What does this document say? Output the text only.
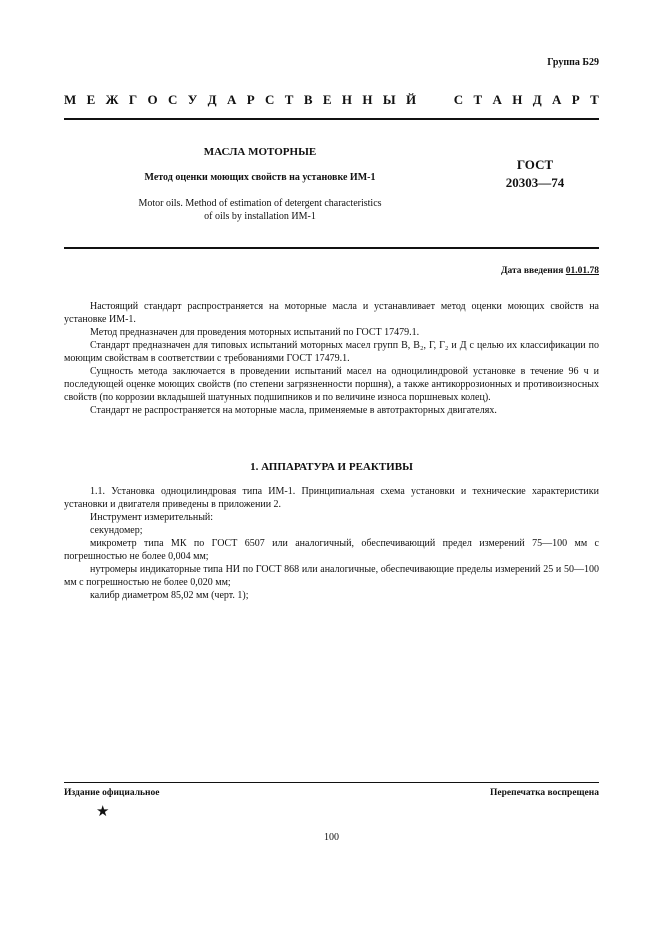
Группа Б29
М Е Ж Г О С У Д А Р С Т В Е Н Н Ы Й

	С Т А Н Д А Р Т
МАСЛА МОТОРНЫЕ
Метод оценки моющих свойств на установке ИМ-1
Motor oils. Method of estimation of detergent characteristics
of oils by installation ИМ-1
ГОСТ
20303—74
Дата введения 01.01.78

Настоящий стандарт распространяется на моторные масла и устанавливает метод оценки моющих свойств на установке ИМ-1.

Метод предназначен для проведения моторных испытаний по ГОСТ 17479.1.

Стандарт предназначен для типовых испытаний моторных масел групп В, В₂, Г, Г₂ и Д с целью их классификации по моющим свойствам в соответствии с требованиями ГОСТ 17479.1.

Сущность метода заключается в проведении испытаний масел на одноцилиндровой установке в течение 96 ч и последующей оценке моющих свойств (по степени загрязненности поршня), а также антикоррозионных и противоизносных свойств (по коррозии вкладышей шатунных подшипников и по величине износа поршневых колец).

Стандарт не распространяется на моторные масла, применяемые в автотракторных двигателях.

1. АППАРАТУРА И РЕАКТИВЫ

1.1. Установка одноцилиндровая типа ИМ-1. Принципиальная схема установки и технические характеристики установки и двигателя приведены в приложении 2.

Инструмент измерительный:

секундомер;

микрометр типа МК по ГОСТ 6507 или аналогичный, обеспечивающий предел измерений 75—100 мм с погрешностью не более 0,004 мм;

нутромеры индикаторные типа НИ по ГОСТ 868 или аналогичные, обеспечивающие пределы измерений 25 и 50—100 мм с погрешностью не более 0,020 мм;

калибр диаметром 85,02 мм (черт. 1);

Издание официальное	Перепечатка воспрещена
★
100
